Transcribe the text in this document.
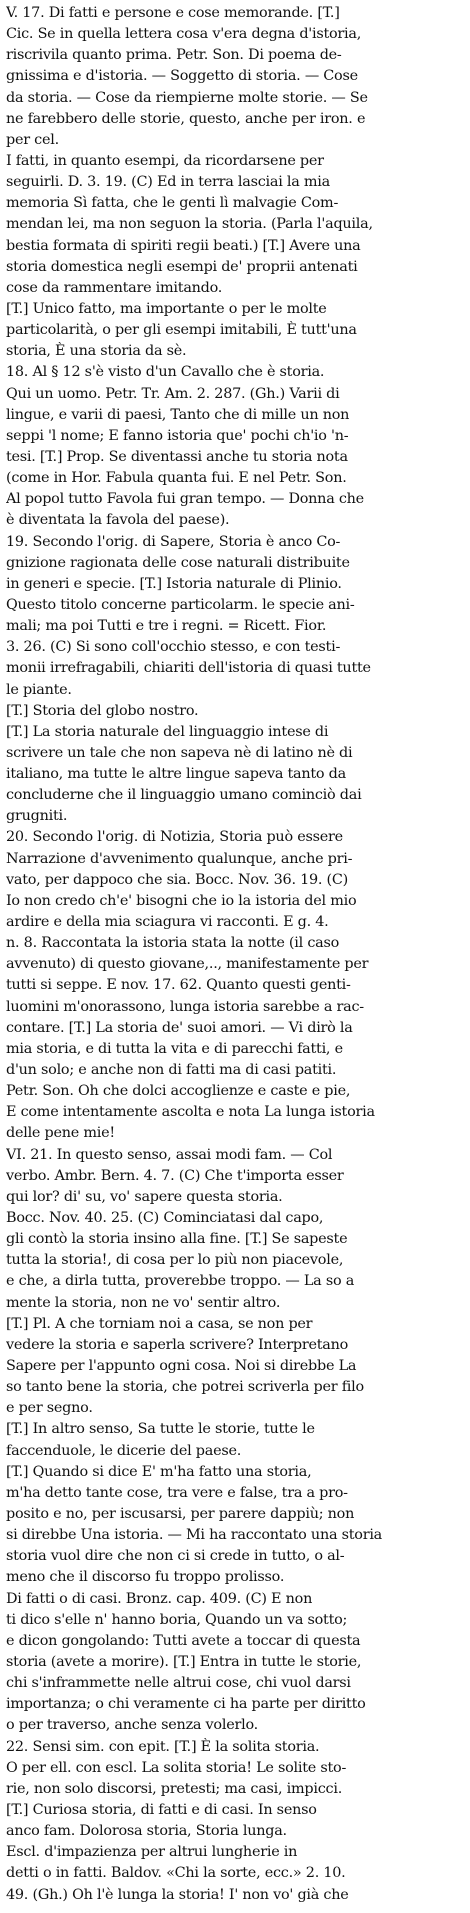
V. 17. Di fatti e persone e cose memorande. [T.]
Cic. Se in quella lettera cosa v'era degna d'istoria,
riscrivila quanto prima. Petr. Son. Di poema de-
gnissima e d'istoria. — Soggetto di storia. — Cose
da storia. — Cose da riempierne molte storie. — Se
ne farebbero delle storie, questo, anche per iron. e
per cel.
I fatti, in quanto esempi, da ricordarsene per
seguirli. D. 3. 19. (C) Ed in terra lasciai la mia
memoria Sì fatta, che le genti lì malvagie Com-
mendan lei, ma non seguon la storia. (Parla l'aquila,
bestia formata di spiriti regii beati.) [T.] Avere una
storia domestica negli esempi de' proprii antenati
cose da rammentare imitando.
[T.] Unico fatto, ma importante o per le molte
particolarità, o per gli esempi imitabili, È tutt'una
storia, È una storia da sè.
18. Al § 12 s'è visto d'un Cavallo che è storia.
Qui un uomo. Petr. Tr. Am. 2. 287. (Gh.) Varii di
lingue, e varii di paesi, Tanto che di mille un non
seppi 'l nome; E fanno istoria que' pochi ch'io 'n-
tesi. [T.] Prop. Se diventassi anche tu storia nota
(come in Hor. Fabula quanta fui. E nel Petr. Son.
Al popol tutto Favola fui gran tempo. — Donna che
è diventata la favola del paese).
19. Secondo l'orig. di Sapere, Storia è anco Co-
gnizione ragionata delle cose naturali distribuite
in generi e specie. [T.] Istoria naturale di Plinio.
Questo titolo concerne particolarm. le specie ani-
mali; ma poi Tutti e tre i regni. = Ricett. Fior.
3. 26. (C) Si sono coll'occhio stesso, e con testi-
monii irrefragabili, chiariti dell'istoria di quasi tutte
le piante.
[T.] Storia del globo nostro.
[T.] La storia naturale del linguaggio intese di
scrivere un tale che non sapeva nè di latino nè di
italiano, ma tutte le altre lingue sapeva tanto da
concluderne che il linguaggio umano cominciò dai
grugniti.
20. Secondo l'orig. di Notizia, Storia può essere
Narrazione d'avvenimento qualunque, anche pri-
vato, per dappoco che sia. Bocc. Nov. 36. 19. (C)
Io non credo ch'e' bisogni che io la istoria del mio
ardire e della mia sciagura vi racconti. E g. 4.
n. 8. Raccontata la istoria stata la notte (il caso
avvenuto) di questo giovane,.., manifestamente per
tutti si seppe. E nov. 17. 62. Quanto questi genti-
luomini m'onorassono, lunga istoria sarebbe a rac-
contare. [T.] La storia de' suoi amori. — Vi dirò la
mia storia, e di tutta la vita e di parecchi fatti, e
d'un solo; e anche non di fatti ma di casi patiti.
Petr. Son. Oh che dolci accoglienze e caste e pie,
E come intentamente ascolta e nota La lunga istoria
delle pene mie!
VI. 21. In questo senso, assai modi fam. — Col
verbo. Ambr. Bern. 4. 7. (C) Che t'importa esser
qui lor? di' su, vo' sapere questa storia.
Bocc. Nov. 40. 25. (C) Cominciatasi dal capo,
gli contò la storia insino alla fine. [T.] Se sapeste
tutta la storia!, di cosa per lo più non piacevole,
e che, a dirla tutta, proverebbe troppo. — La so a
mente la storia, non ne vo' sentir altro.
[T.] Pl. A che torniam noi a casa, se non per
vedere la storia e saperla scrivere? Interpretano
Sapere per l'appunto ogni cosa. Noi si direbbe La
so tanto bene la storia, che potrei scriverla per filo
e per segno.
[T.] In altro senso, Sa tutte le storie, tutte le
faccenduole, le dicerie del paese.
[T.] Quando si dice E' m'ha fatto una storia,
m'ha detto tante cose, tra vere e false, tra a pro-
posito e no, per iscusarsi, per parere dappiù; non
si direbbe Una istoria. — Mi ha raccontato una storia
storia vuol dire che non ci si crede in tutto, o al-
meno che il discorso fu troppo prolisso.
Di fatti o di casi. Bronz. cap. 409. (C) E non
ti dico s'elle n' hanno boria, Quando un va sotto;
e dicon gongolando: Tutti avete a toccar di questa
storia (avete a morire). [T.] Entra in tutte le storie,
chi s'inframmette nelle altrui cose, chi vuol darsi
importanza; o chi veramente ci ha parte per diritto
o per traverso, anche senza volerlo.
22. Sensi sim. con epit. [T.] È la solita storia.
O per ell. con escl. La solita storia! Le solite sto-
rie, non solo discorsi, pretesti; ma casi, impicci.
[T.] Curiosa storia, di fatti e di casi. In senso
anco fam. Dolorosa storia, Storia lunga.
Escl. d'impazienza per altrui lungherie in
detti o in fatti. Baldov. «Chi la sorte, ecc.» 2. 10.
49. (Gh.) Oh l'è lunga la storia! I' non vo' già che
